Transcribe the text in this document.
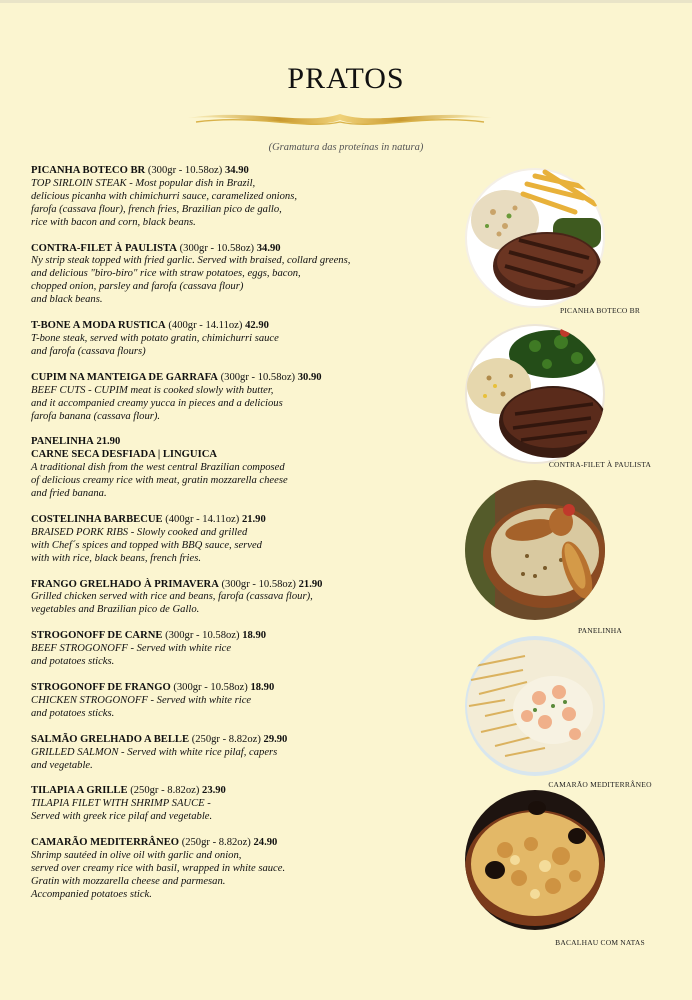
PRATOS
(Gramatura das proteínas in natura)
PICANHA BOTECO BR (300gr - 10.58oz) 34.90
TOP SIRLOIN STEAK - Most popular dish in Brazil,
delicious picanha with chimichurri sauce, caramelized onions,
farofa (cassava flour), french fries, Brazilian pico de gallo,
rice with bacon and corn, black beans.
CONTRA-FILET À PAULISTA (300gr - 10.58oz) 34.90
Ny strip steak topped with fried garlic. Served with braised, collard greens,
and delicious "biro-biro" rice with straw potatoes, eggs, bacon,
chopped onion, parsley and farofa (cassava flour)
and black beans.
T-BONE A MODA RUSTICA (400gr - 14.11oz) 42.90
T-bone steak, served with potato gratin, chimichurri sauce
and farofa (cassava flours)
CUPIM NA MANTEIGA DE GARRAFA (300gr - 10.58oz) 30.90
BEEF CUTS - CUPIM meat is cooked slowly with butter,
and it accompanied creamy yucca in pieces and a delicious
farofa banana (cassava flour).
PANELINHA 21.90
CARNE SECA DESFIADA | LINGUICA
A traditional dish from the west central Brazilian composed
of delicious creamy rice with meat, gratin mozzarella cheese
and fried banana.
COSTELINHA BARBECUE (400gr - 14.11oz) 21.90
BRAISED PORK RIBS - Slowly cooked and grilled
with Chef´s spices and topped with BBQ sauce, served
with with rice, black beans, french fries.
FRANGO GRELHADO À PRIMAVERA (300gr - 10.58oz) 21.90
Grilled chicken served with rice and beans, farofa (cassava flour),
vegetables and Brazilian pico de Gallo.
STROGONOFF DE CARNE (300gr - 10.58oz) 18.90
BEEF STROGONOFF - Served with white rice
and potatoes sticks.
STROGONOFF DE FRANGO (300gr - 10.58oz) 18.90
CHICKEN STROGONOFF - Served with white rice
and potatoes sticks.
SALMÃO GRELHADO A BELLE (250gr - 8.82oz) 29.90
GRILLED SALMON - Served with white rice pilaf, capers
and vegetable.
TILAPIA A GRILLE (250gr - 8.82oz) 23.90
TILAPIA FILET WITH SHRIMP SAUCE -
Served with greek rice pilaf and vegetable.
CAMARÃO MEDITERRÂNEO (250gr - 8.82oz) 24.90
Shrimp sautéed in olive oil with garlic and onion,
served over creamy rice with basil, wrapped in white sauce.
Gratin with mozzarella cheese and parmesan.
Accompanied potatoes stick.
PICANHA BOTECO BR
CONTRA-FILET À PAULISTA
PANELINHA
CAMARÃO MEDITERRÂNEO
BACALHAU COM NATAS
